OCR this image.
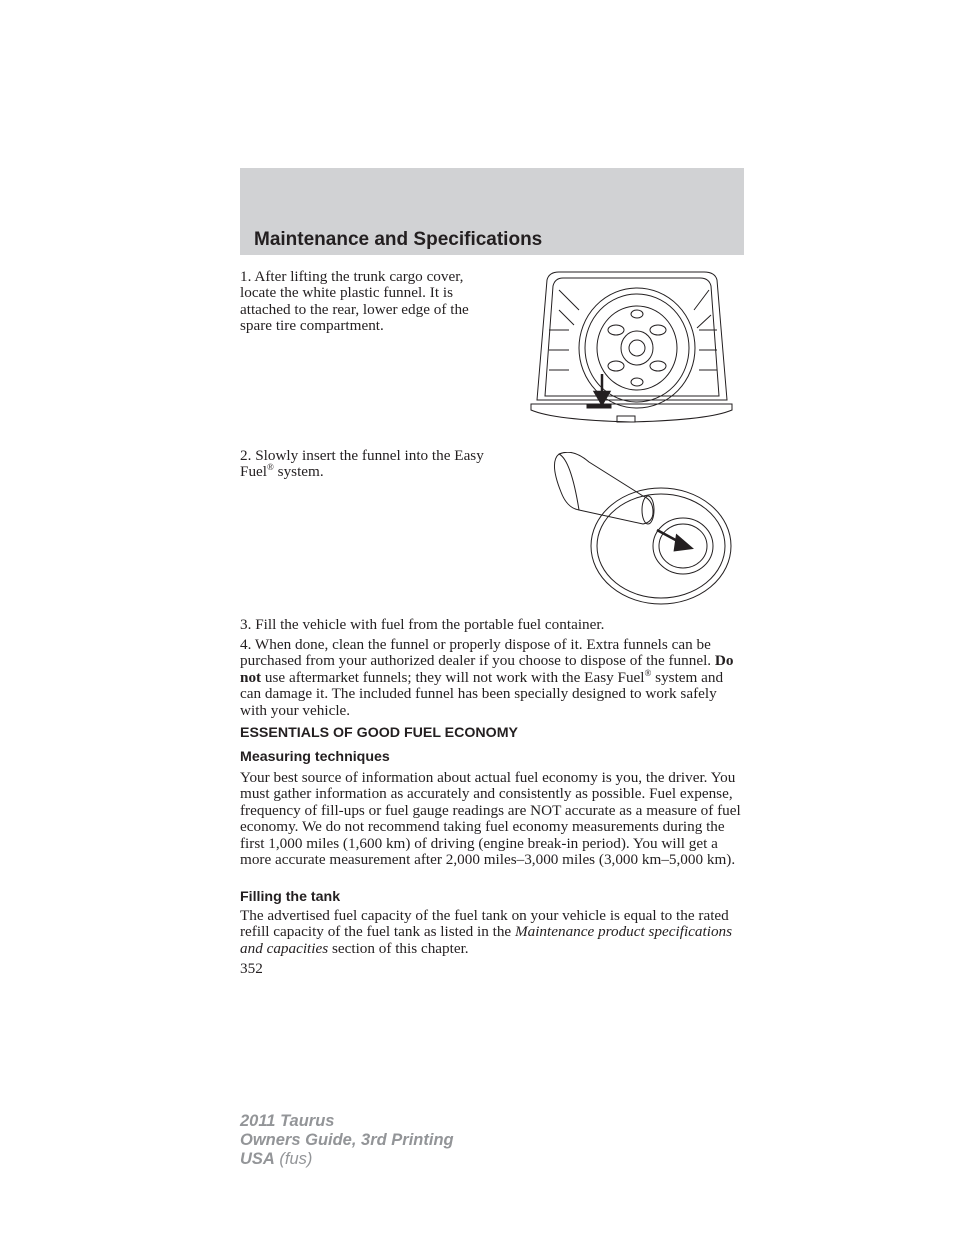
Maintenance and Specifications

1. After lifting the trunk cargo cover, locate the white plastic funnel. It is attached to the rear, lower edge of the spare tire compartment.

2. Slowly insert the funnel into the Easy Fuel® system.

3. Fill the vehicle with fuel from the portable fuel container.

4. When done, clean the funnel or properly dispose of it. Extra funnels can be purchased from your authorized dealer if you choose to dispose of the funnel. Do not use aftermarket funnels; they will not work with the Easy Fuel® system and can damage it. The included funnel has been specially designed to work safely with your vehicle.

ESSENTIALS OF GOOD FUEL ECONOMY
Measuring techniques

Your best source of information about actual fuel economy is you, the driver. You must gather information as accurately and consistently as possible. Fuel expense, frequency of fill-ups or fuel gauge readings are NOT accurate as a measure of fuel economy. We do not recommend taking fuel economy measurements during the first 1,000 miles (1,600 km) of driving (engine break-in period). You will get a more accurate measurement after 2,000 miles–3,000 miles (3,000 km–5,000 km).

Filling the tank

The advertised fuel capacity of the fuel tank on your vehicle is equal to the rated refill capacity of the fuel tank as listed in the Maintenance product specifications and capacities section of this chapter.

352

2011 Taurus
Owners Guide, 3rd Printing
USA (fus)
